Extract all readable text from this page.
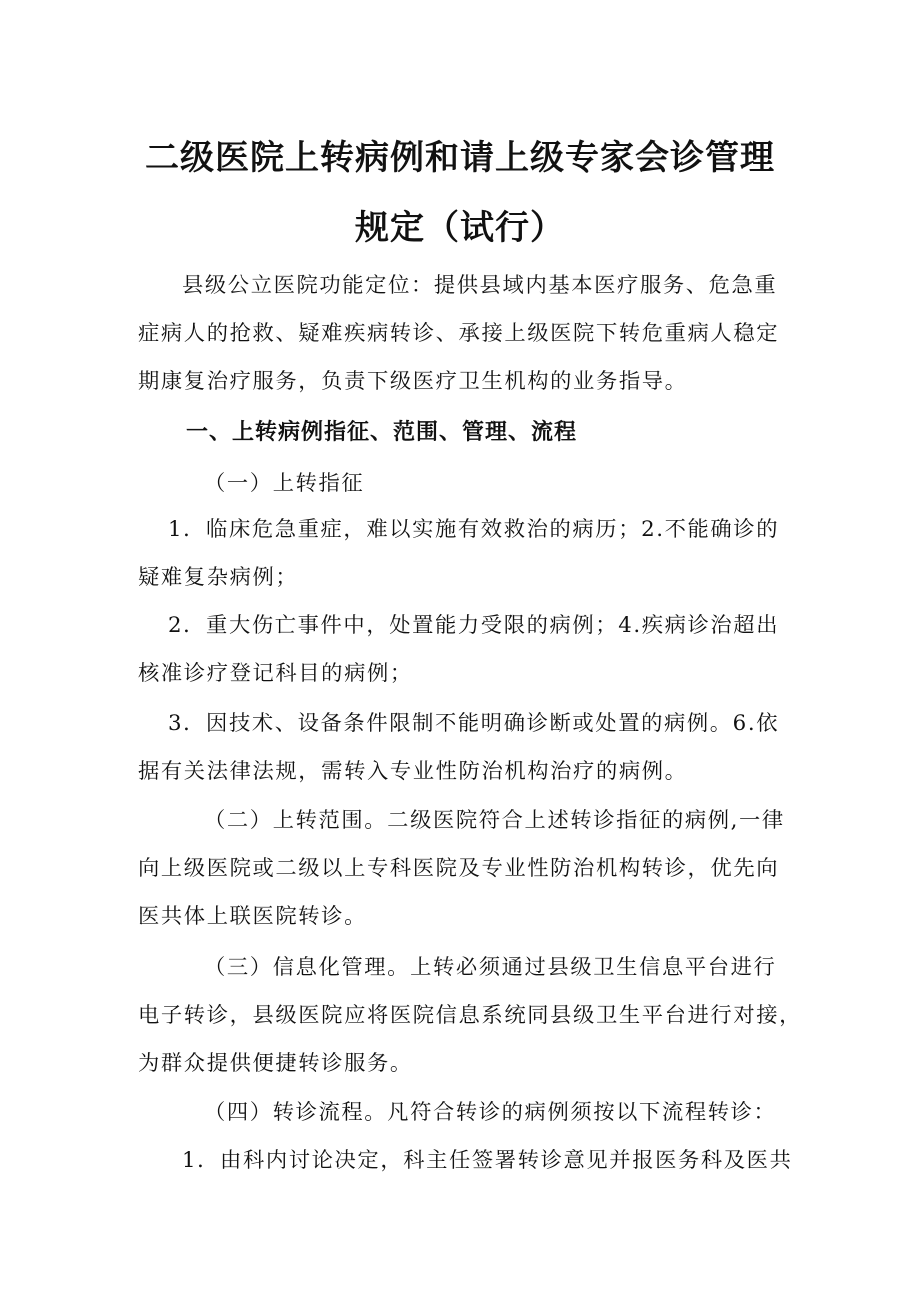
二级医院上转病例和请上级专家会诊管理
规定（试行）
县级公立医院功能定位：提供县域内基本医疗服务、危急重
症病人的抢救、疑难疾病转诊、承接上级医院下转危重病人稳定
期康复治疗服务，负责下级医疗卫生机构的业务指导。
一、上转病例指征、范围、管理、流程
（一）上转指征
1．临床危急重症，难以实施有效救治的病历；2.不能确诊的
疑难复杂病例；
2．重大伤亡事件中，处置能力受限的病例；4.疾病诊治超出
核准诊疗登记科目的病例；
3．因技术、设备条件限制不能明确诊断或处置的病例。6.依
据有关法律法规，需转入专业性防治机构治疗的病例。
（二）上转范围。二级医院符合上述转诊指征的病例,一律
向上级医院或二级以上专科医院及专业性防治机构转诊，优先向
医共体上联医院转诊。
（三）信息化管理。上转必须通过县级卫生信息平台进行
电子转诊，县级医院应将医院信息系统同县级卫生平台进行对接，
为群众提供便捷转诊服务。
（四）转诊流程。凡符合转诊的病例须按以下流程转诊：
1．由科内讨论决定，科主任签署转诊意见并报医务科及医共
